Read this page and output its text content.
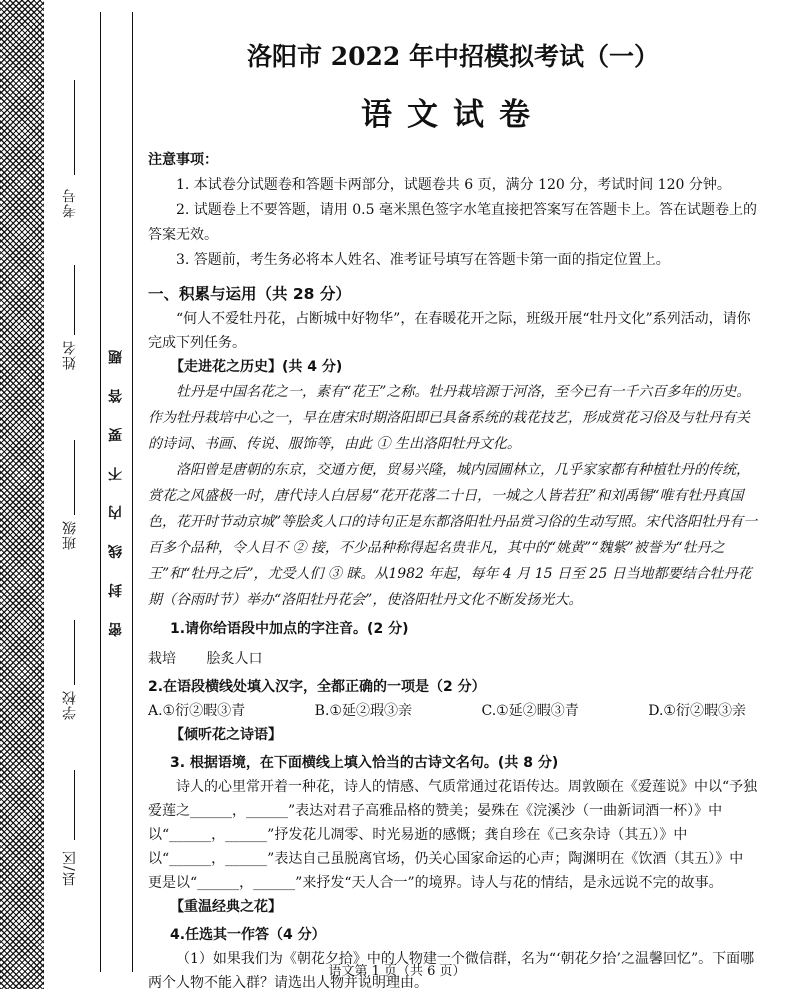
考号
姓名
班级
学校
县/区
密 封 线 内 不 要 答 题
洛阳市 2022 年中招模拟考试（一）
语文试卷
注意事项：

1. 本试卷分试题卷和答题卡两部分，试题卷共 6 页，满分 120 分，考试时间 120 分钟。

2. 试题卷上不要答题，请用 0.5 毫米黑色签字水笔直接把答案写在答题卡上。答在试题卷上的答案无效。

3. 答题前，考生务必将本人姓名、准考证号填写在答题卡第一面的指定位置上。

一、积累与运用（共 28 分）

“何人不爱牡丹花，占断城中好物华”，在春暖花开之际，班级开展“牡丹文化”系列活动，请你完成下列任务。

【走进花之历史】(共 4 分)

牡丹是中国名花之一，素有“花王”之称。牡丹栽培源于河洛，至今已有一千六百多年的历史。作为牡丹栽培中心之一，早在唐宋时期洛阳即已具备系统的栽花技艺，形成赏花习俗及与牡丹有关的诗词、书画、传说、服饰等，由此 ① 生出洛阳牡丹文化。

洛阳曾是唐朝的东京，交通方便，贸易兴隆，城内园圃林立，几乎家家都有种植牡丹的传统，赏花之风盛极一时，唐代诗人白居易“花开花落二十日，一城之人皆若狂”和刘禹锡“唯有牡丹真国色，花开时节动京城”等脍炙人口的诗句正是东都洛阳牡丹品赏习俗的生动写照。宋代洛阳牡丹有一百多个品种，令人目不 ② 接，不少品种称得起名贵非凡，其中的“姚黄”“魏紫”被誉为“牡丹之王”和“牡丹之后”，尤受人们 ③ 睐。从1982 年起，每年 4 月 15 日至 25 日当地都要结合牡丹花期（谷雨时节）举办“洛阳牡丹花会”，使洛阳牡丹文化不断发扬光大。

1.请你给语段中加点的字注音。(2 分)
栽培 脍炙人口
2.在语段横线处填入汉字，全都正确的一项是（2 分）
A.①衍②暇③青	B.①延②瑕③亲	C.①延②暇③青	D.①衍②暇③亲
【倾听花之诗语】
3. 根据语境，在下面横线上填入恰当的古诗文名句。(共 8 分)

诗人的心里常开着一种花，诗人的情感、气质常通过花语传达。周敦颐在《爱莲说》中以“予独爱莲之______，______”表达对君子高雅品格的赞美；晏殊在《浣溪沙（一曲新词酒一杯）》中以“______，______”抒发花儿凋零、时光易逝的感慨；龚自珍在《己亥杂诗（其五）》中以“______，______”表达自己虽脱离官场，仍关心国家命运的心声；陶渊明在《饮酒（其五）》中 更是以“______，______”来抒发“天人合一”的境界。诗人与花的情结，是永远说不完的故事。

【重温经典之花】
4.任选其一作答（4 分）

（1）如果我们为《朝花夕拾》中的人物建一个微信群，名为“‘朝花夕拾’之温馨回忆”。下面哪两个人物不能入群？请选出人物并说明理由。

语文第 1 页（共 6 页）
